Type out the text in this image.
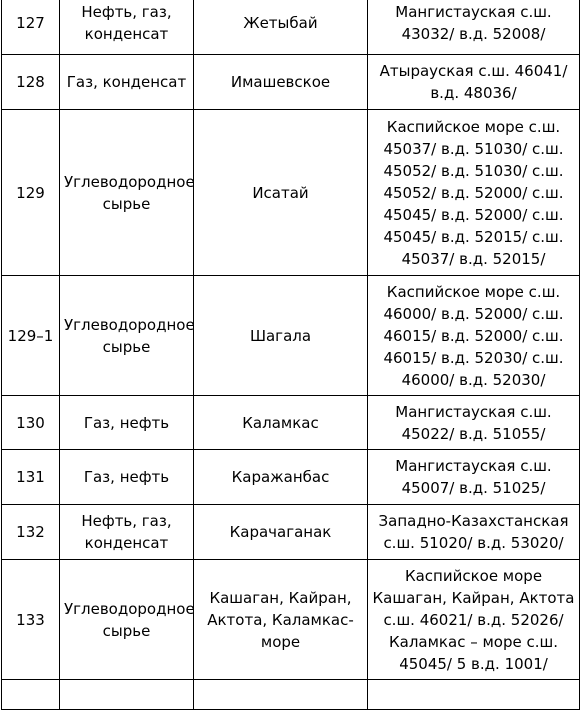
127	Нефть, газ, конденсат	Жетыбай	Мангистауская с.ш. 43032/ в.д. 52008/
128	Газ, конденсат	Имашевское	Атырауская с.ш. 46041/ в.д. 48036/
129	Углеводородное сырье	Исатай	Каспийское море с.ш. 45037/ в.д. 51030/ с.ш. 45052/ в.д. 51030/ с.ш. 45052/ в.д. 52000/ с.ш. 45045/ в.д. 52000/ с.ш. 45045/ в.д. 52015/ с.ш. 45037/ в.д. 52015/
129–1	Углеводородное сырье	Шагала	Каспийское море с.ш. 46000/ в.д. 52000/ с.ш. 46015/ в.д. 52000/ с.ш. 46015/ в.д. 52030/ с.ш. 46000/ в.д. 52030/
130	Газ, нефть	Каламкас	Мангистауская с.ш. 45022/ в.д. 51055/
131	Газ, нефть	Каражанбас	Мангистауская с.ш. 45007/ в.д. 51025/
132	Нефть, газ, конденсат	Карачаганак	Западно-Казахстанская с.ш. 51020/ в.д. 53020/
133	Углеводородное сырье	Кашаган, Кайран, Актота, Каламкас-море	Каспийское море Кашаган, Кайран, Актота с.ш. 46021/ в.д. 52026/Каламкас – море с.ш. 45045/ 5 в.д. 1001/
